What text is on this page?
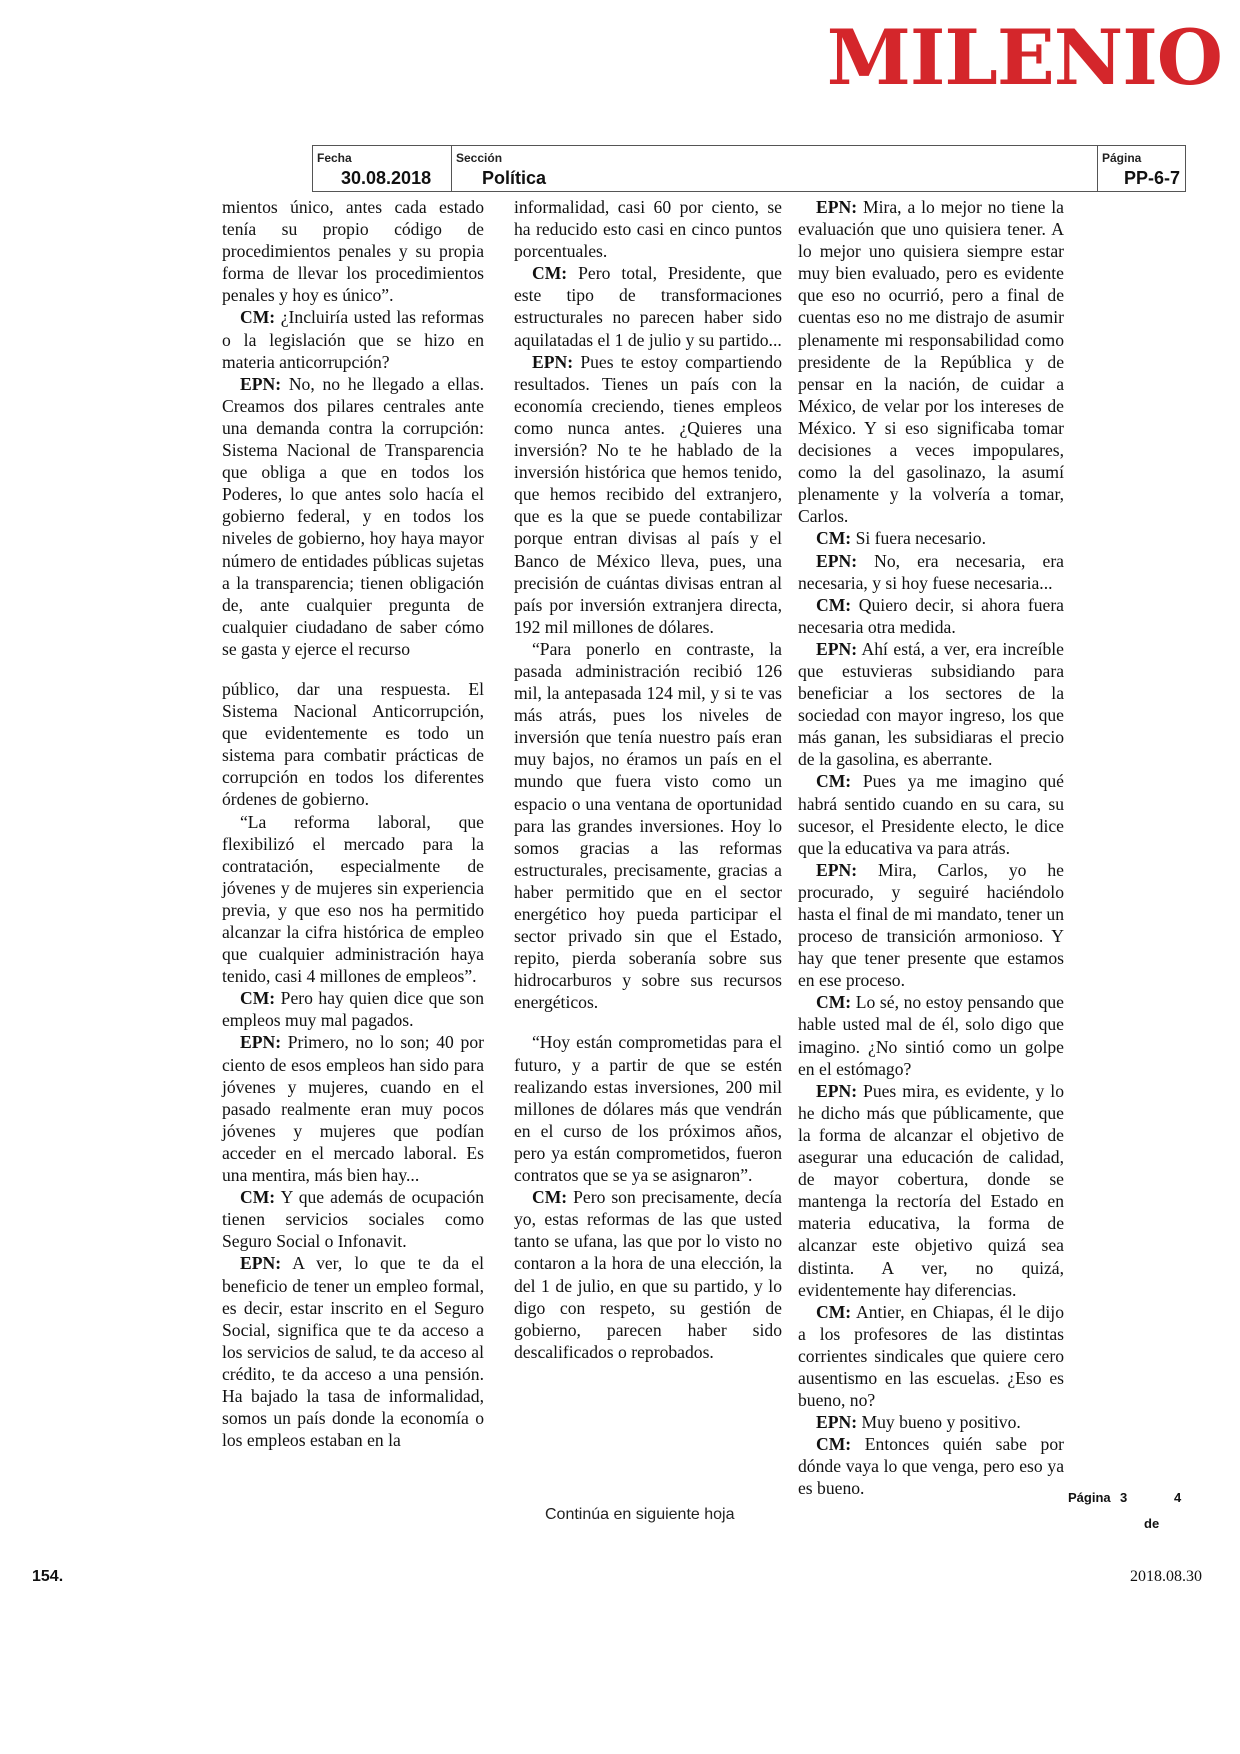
MILENIO
Fecha
30.08.2018
Sección
Política
Página
PP-6-7

mientos único, antes cada estado tenía su propio código de procedimientos penales y su propia forma de llevar los procedimientos penales y hoy es único”.

CM: ¿Incluiría usted las reformas o la legislación que se hizo en materia anticorrupción?

EPN: No, no he llegado a ellas. Creamos dos pilares centrales ante una demanda contra la corrupción: Sistema Nacional de Transparencia que obliga a que en todos los Poderes, lo que antes solo hacía el gobierno federal, y en todos los niveles de gobierno, hoy haya mayor número de entidades públicas sujetas a la transparencia; tienen obligación de, ante cualquier pregunta de cualquier ciudadano de saber cómo se gasta y ejerce el recurso

público, dar una respuesta. El Sistema Nacional Anticorrupción, que evidentemente es todo un sistema para combatir prácticas de corrupción en todos los diferentes órdenes de gobierno.

“La reforma laboral, que flexibilizó el mercado para la contratación, especialmente de jóvenes y de mujeres sin experiencia previa, y que eso nos ha permitido alcanzar la cifra histórica de empleo que cualquier administración haya tenido, casi 4 millones de empleos”.

CM: Pero hay quien dice que son empleos muy mal pagados.

EPN: Primero, no lo son; 40 por ciento de esos empleos han sido para jóvenes y mujeres, cuando en el pasado realmente eran muy pocos jóvenes y mujeres que podían acceder en el mercado laboral. Es una mentira, más bien hay...

CM: Y que además de ocupación tienen servicios sociales como Seguro Social o Infonavit.

EPN: A ver, lo que te da el beneficio de tener un empleo formal, es decir, estar inscrito en el Seguro Social, significa que te da acceso a los servicios de salud, te da acceso al crédito, te da acceso a una pensión. Ha bajado la tasa de informalidad, somos un país donde la economía o los empleos estaban en la

informalidad, casi 60 por ciento, se ha reducido esto casi en cinco puntos porcentuales.

CM: Pero total, Presidente, que este tipo de transformaciones estructurales no parecen haber sido aquilatadas el 1 de julio y su partido...

EPN: Pues te estoy compartiendo resultados. Tienes un país con la economía creciendo, tienes empleos como nunca antes. ¿Quieres una inversión? No te he hablado de la inversión histórica que hemos tenido, que hemos recibido del extranjero, que es la que se puede contabilizar porque entran divisas al país y el Banco de México lleva, pues, una precisión de cuántas divisas entran al país por inversión extranjera directa, 192 mil millones de dólares.

“Para ponerlo en contraste, la pasada administración recibió 126 mil, la antepasada 124 mil, y si te vas más atrás, pues los niveles de inversión que tenía nuestro país eran muy bajos, no éramos un país en el mundo que fuera visto como un espacio o una ventana de oportunidad para las grandes inversiones. Hoy lo somos gracias a las reformas estructurales, precisamente, gracias a haber permitido que en el sector energético hoy pueda participar el sector privado sin que el Estado, repito, pierda soberanía sobre sus hidrocarburos y sobre sus recursos energéticos.

“Hoy están comprometidas para el futuro, y a partir de que se estén realizando estas inversiones, 200 mil millones de dólares más que vendrán en el curso de los próximos años, pero ya están comprometidos, fueron contratos que se ya se asignaron”.

CM: Pero son precisamente, decía yo, estas reformas de las que usted tanto se ufana, las que por lo visto no contaron a la hora de una elección, la del 1 de julio, en que su partido, y lo digo con respeto, su gestión de gobierno, parecen haber sido descalificados o reprobados.

EPN: Mira, a lo mejor no tiene la evaluación que uno quisiera tener. A lo mejor uno quisiera siempre estar muy bien evaluado, pero es evidente que eso no ocurrió, pero a final de cuentas eso no me distrajo de asumir plenamente mi responsabilidad como presidente de la República y de pensar en la nación, de cuidar a México, de velar por los intereses de México. Y si eso significaba tomar decisiones a veces impopulares, como la del gasolinazo, la asumí plenamente y la volvería a tomar, Carlos.

CM: Si fuera necesario.

EPN: No, era necesaria, era necesaria, y si hoy fuese necesaria...

CM: Quiero decir, si ahora fuera necesaria otra medida.

EPN: Ahí está, a ver, era increíble que estuvieras subsidiando para beneficiar a los sectores de la sociedad con mayor ingreso, los que más ganan, les subsidiaras el precio de la gasolina, es aberrante.

CM: Pues ya me imagino qué habrá sentido cuando en su cara, su sucesor, el Presidente electo, le dice que la educativa va para atrás.

EPN: Mira, Carlos, yo he procurado, y seguiré haciéndolo hasta el final de mi mandato, tener un proceso de transición armonioso. Y hay que tener presente que estamos en ese proceso.

CM: Lo sé, no estoy pensando que hable usted mal de él, solo digo que imagino. ¿No sintió como un golpe en el estómago?

EPN: Pues mira, es evidente, y lo he dicho más que públicamente, que la forma de alcanzar el objetivo de asegurar una educación de calidad, de mayor cobertura, donde se mantenga la rectoría del Estado en materia educativa, la forma de alcanzar este objetivo quizá sea distinta. A ver, no quizá, evidentemente hay diferencias.

CM: Antier, en Chiapas, él le dijo a los profesores de las distintas corrientes sindicales que quiere cero ausentismo en las escuelas. ¿Eso es bueno, no?

EPN: Muy bueno y positivo.

CM: Entonces quién sabe por dónde vaya lo que venga, pero eso ya es bueno.

Continúa en siguiente hoja
Página 3	4
de
154.	2018.08.30
